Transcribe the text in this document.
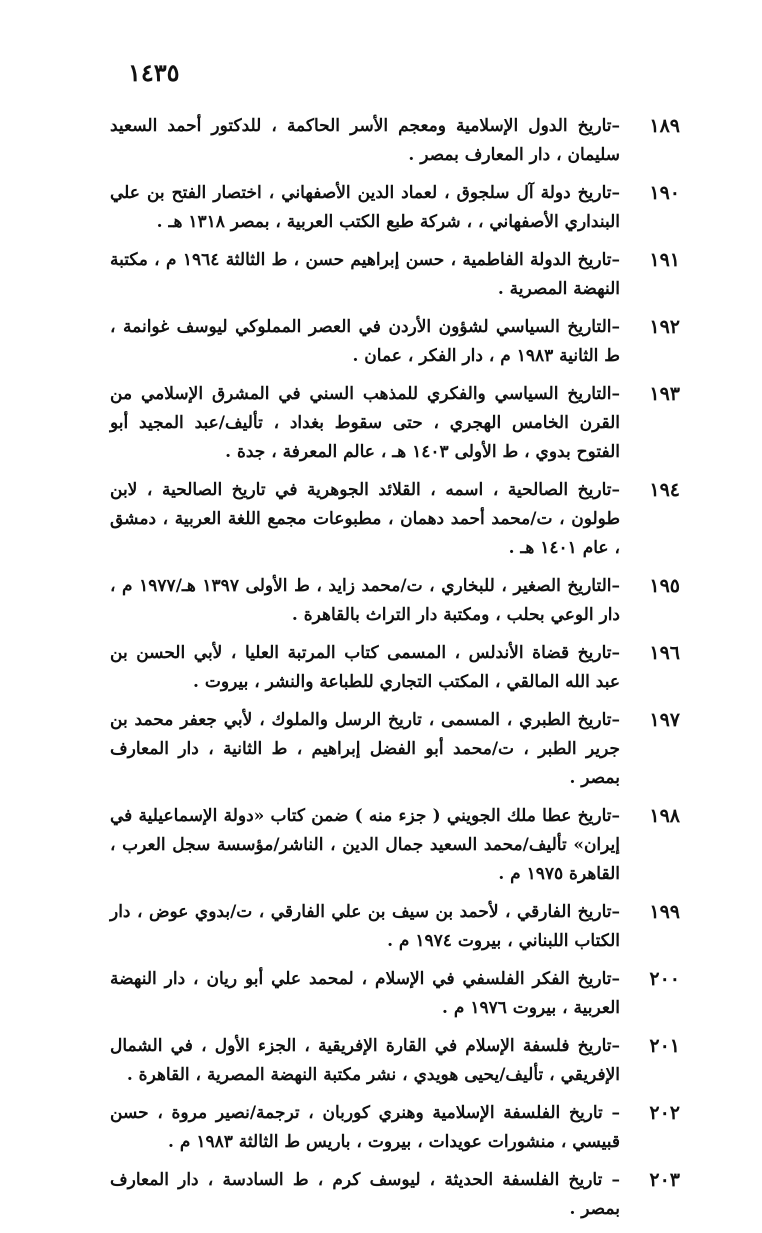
١٤٣٥
١٨٩
–تاريخ الدول الإسلامية ومعجم الأسر الحاكمة ، للدكتور أحمد السعيد سليمان ، دار المعارف بمصر .
١٩٠
–تاريخ دولة آل سلجوق ، لعماد الدين الأصفهاني ، اختصار الفتح بن علي البنداري الأصفهاني ، ، شركة طبع الكتب العربية ، بمصر ١٣١٨ هـ .
١٩١
–تاريخ الدولة الفاطمية ، حسن إبراهيم حسن ، ط الثالثة ١٩٦٤ م ، مكتبة النهضة المصرية .
١٩٢
–التاريخ السياسي لشؤون الأردن في العصر المملوكي ليوسف غوانمة ، ط الثانية ١٩٨٣ م ، دار الفكر ، عمان .
١٩٣
–التاريخ السياسي والفكري للمذهب السني في المشرق الإسلامي من القرن الخامس الهجري ، حتى سقوط بغداد ، تأليف/عبد المجيد أبو الفتوح بدوي ، ط الأولى ١٤٠٣ هـ ، عالم المعرفة ، جدة .
١٩٤
–تاريخ الصالحية ، اسمه ، القلائد الجوهرية في تاريخ الصالحية ، لابن طولون ، ت/محمد أحمد دهمان ، مطبوعات مجمع اللغة العربية ، دمشق ، عام ١٤٠١ هـ .
١٩٥
–التاريخ الصغير ، للبخاري ، ت/محمد زايد ، ط الأولى ١٣٩٧ هـ/١٩٧٧ م ، دار الوعي بحلب ، ومكتبة دار التراث بالقاهرة .
١٩٦
–تاريخ قضاة الأندلس ، المسمى كتاب المرتبة العليا ، لأبي الحسن بن عبد الله المالقي ، المكتب التجاري للطباعة والنشر ، بيروت .
١٩٧
–تاريخ الطبري ، المسمى ، تاريخ الرسل والملوك ، لأبي جعفر محمد بن جرير الطبر ، ت/محمد أبو الفضل إبراهيم ، ط الثانية ، دار المعارف بمصر .
١٩٨
–تاريخ عطا ملك الجويني ( جزء منه ) ضمن كتاب «دولة الإسماعيلية في إيران» تأليف/محمد السعيد جمال الدين ، الناشر/مؤسسة سجل العرب ، القاهرة ١٩٧٥ م .
١٩٩
–تاريخ الفارقي ، لأحمد بن سيف بن علي الفارقي ، ت/بدوي عوض ، دار الكتاب اللبناني ، بيروت ١٩٧٤ م .
٢٠٠
–تاريخ الفكر الفلسفي في الإسلام ، لمحمد علي أبو ريان ، دار النهضة العربية ، بيروت ١٩٧٦ م .
٢٠١
–تاريخ فلسفة الإسلام في القارة الإفريقية ، الجزء الأول ، في الشمال الإفريقي ، تأليف/يحيى هويدي ، نشر مكتبة النهضة المصرية ، القاهرة .
٢٠٢
– تاريخ الفلسفة الإسلامية وهنري كوربان ، ترجمة/نصير مروة ، حسن قبيسي ، منشورات عويدات ، بيروت ، باريس ط الثالثة ١٩٨٣ م .
٢٠٣
– تاريخ الفلسفة الحديثة ، ليوسف كرم ، ط السادسة ، دار المعارف بمصر .
